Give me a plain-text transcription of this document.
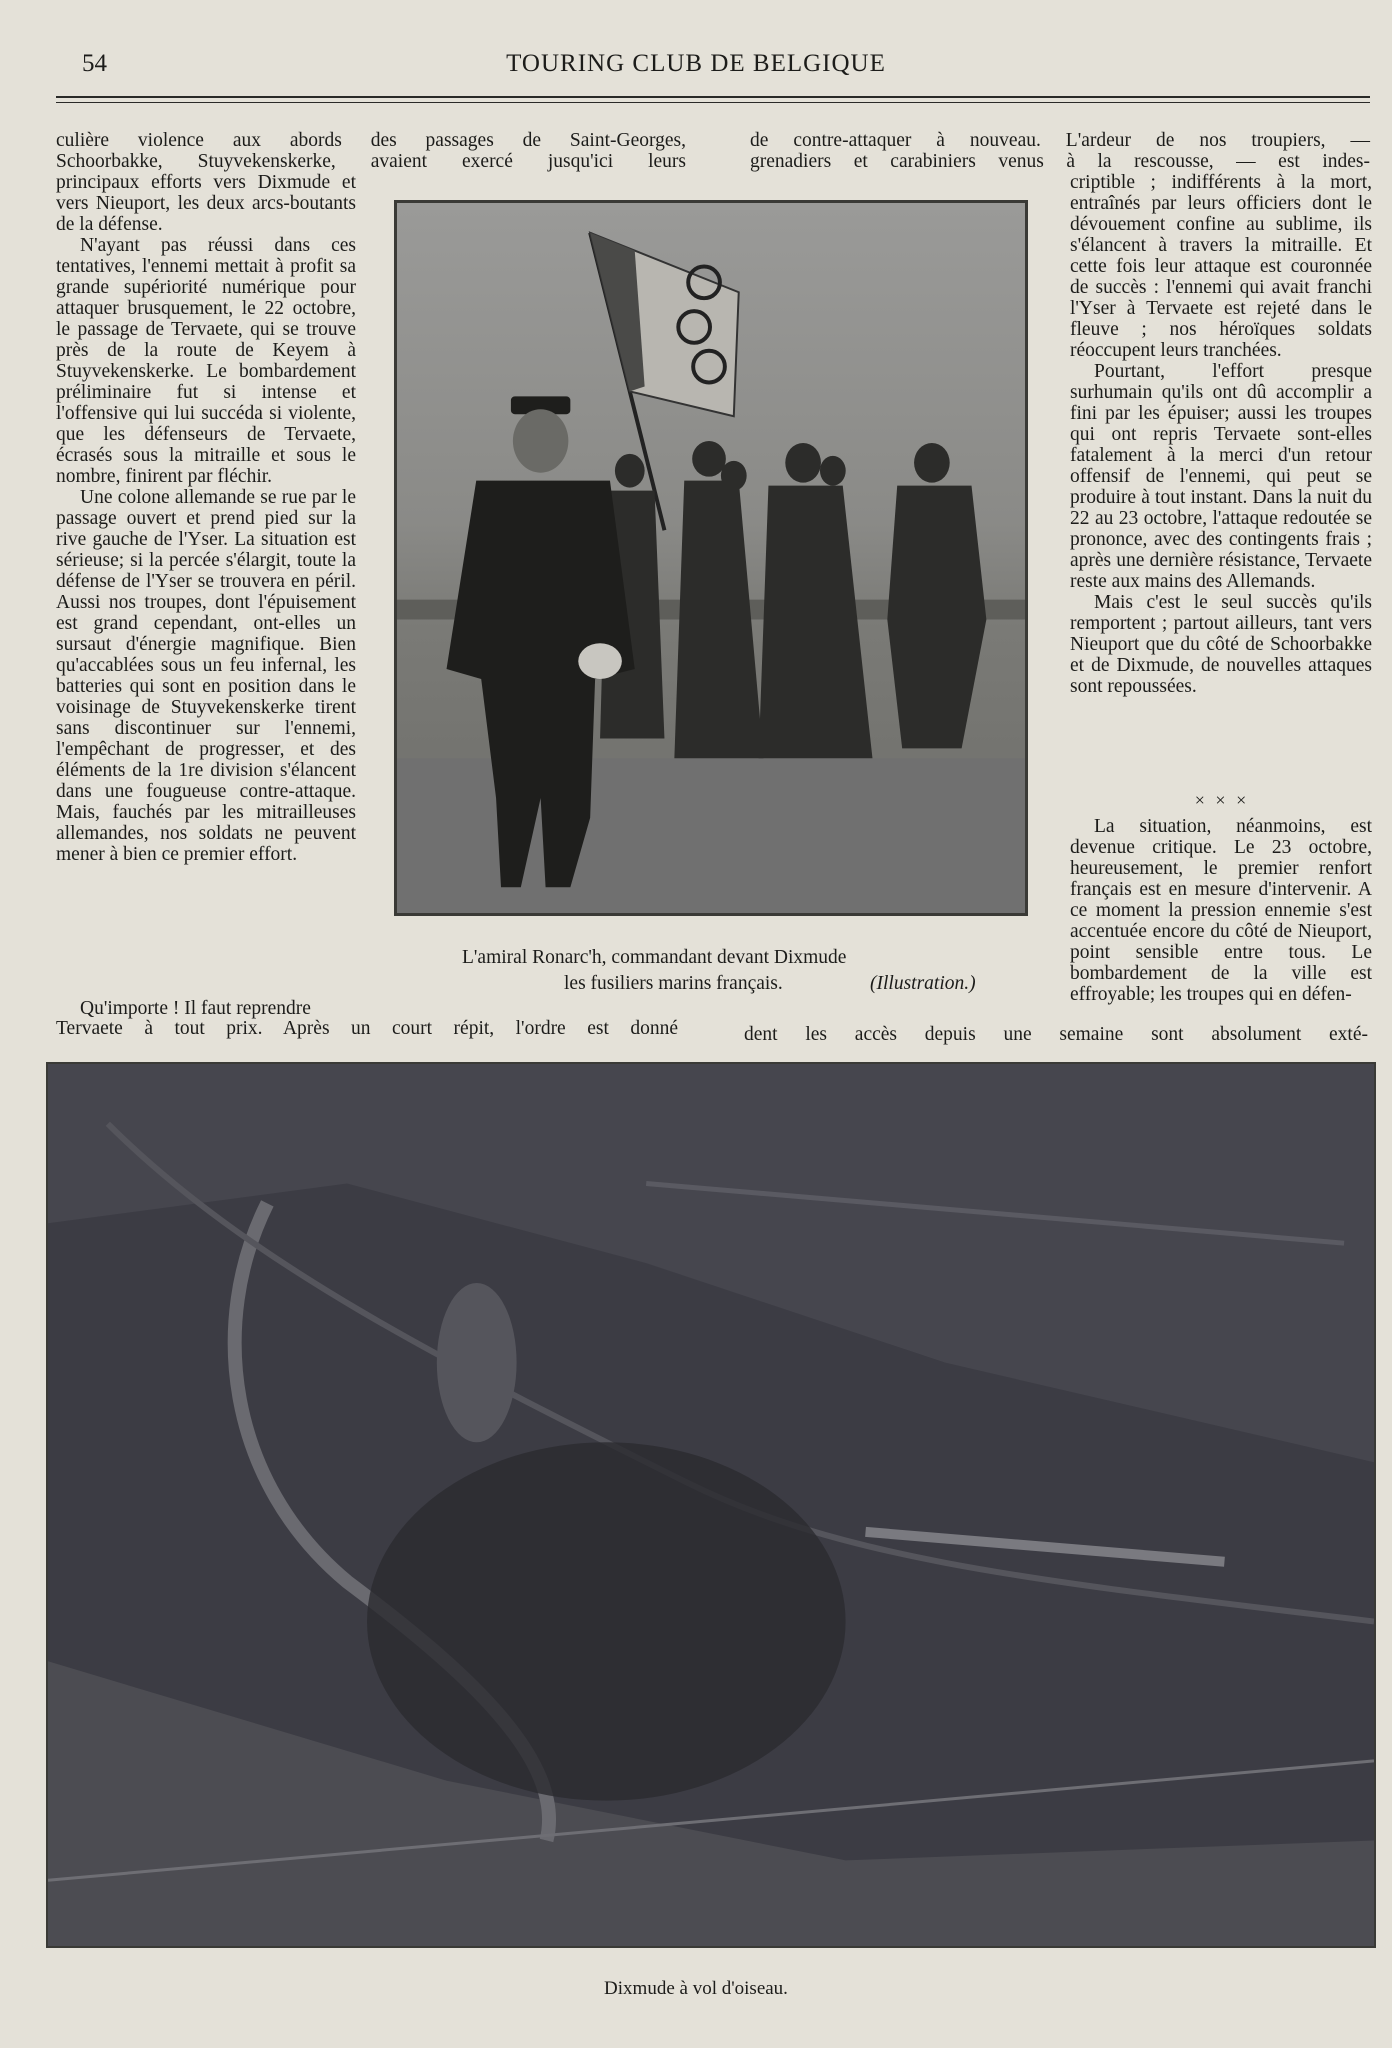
54	TOURING CLUB DE BELGIQUE
culière violence aux abords des passages de Saint-Georges,
Schoorbakke, Stuyvekenskerke, avaient exercé jusqu'ici leurs
de contre-attaquer à nouveau. L'ardeur de nos troupiers, —
grenadiers et carabiniers venus à la rescousse, — est indes-

principaux efforts vers Dixmude et vers Nieuport, les deux arcs-boutants de la défense.

N'ayant pas réussi dans ces tentatives, l'ennemi mettait à profit sa grande supériorité numérique pour attaquer brusquement, le 22 octobre, le passage de Tervaete, qui se trouve près de la route de Keyem à Stuyvekenskerke. Le bombardement préliminaire fut si intense et l'offensive qui lui succéda si violente, que les défenseurs de Tervaete, écrasés sous la mitraille et sous le nombre, finirent par fléchir.

Une colone allemande se rue par le passage ouvert et prend pied sur la rive gauche de l'Yser. La situation est sérieuse; si la percée s'élargit, toute la défense de l'Yser se trouvera en péril. Aussi nos troupes, dont l'épuisement est grand cependant, ont-elles un sursaut d'énergie magnifique. Bien qu'accablées sous un feu infernal, les batteries qui sont en position dans le voisinage de Stuyvekenskerke tirent sans discontinuer sur l'ennemi, l'empêchant de progresser, et des éléments de la 1re division s'élancent dans une fougueuse contre-attaque. Mais, fauchés par les mitrailleuses allemandes, nos soldats ne peuvent mener à bien ce premier effort.

Qu'importe ! Il faut reprendre
L'amiral Ronarc'h, commandant devant Dixmude
les fusiliers marins français.	(Illustration.)

criptible ; indifférents à la mort, entraînés par leurs officiers dont le dévouement confine au sublime, ils s'élancent à travers la mitraille. Et cette fois leur attaque est couronnée de succès : l'ennemi qui avait franchi l'Yser à Tervaete est rejeté dans le fleuve ; nos héroïques soldats réoccupent leurs tranchées.

Pourtant, l'effort presque surhumain qu'ils ont dû accomplir a fini par les épuiser; aussi les troupes qui ont repris Tervaete sont-elles fatalement à la merci d'un retour offensif de l'ennemi, qui peut se produire à tout instant. Dans la nuit du 22 au 23 octobre, l'attaque redoutée se prononce, avec des contingents frais ; après une dernière résistance, Tervaete reste aux mains des Allemands.

Mais c'est le seul succès qu'ils remportent ; partout ailleurs, tant vers Nieuport que du côté de Schoorbakke et de Dixmude, de nouvelles attaques sont repoussées.

× × ×

La situation, néanmoins, est devenue critique. Le 23 octobre, heureusement, le premier renfort français est en mesure d'intervenir. A ce moment la pression ennemie s'est accentuée encore du côté de Nieuport, point sensible entre tous. Le bombardement de la ville est effroyable; les troupes qui en défen-

Tervaete à tout prix. Après un court répit, l'ordre est donné	dent les accès depuis une semaine sont absolument exté-
Dixmude à vol d'oiseau.
